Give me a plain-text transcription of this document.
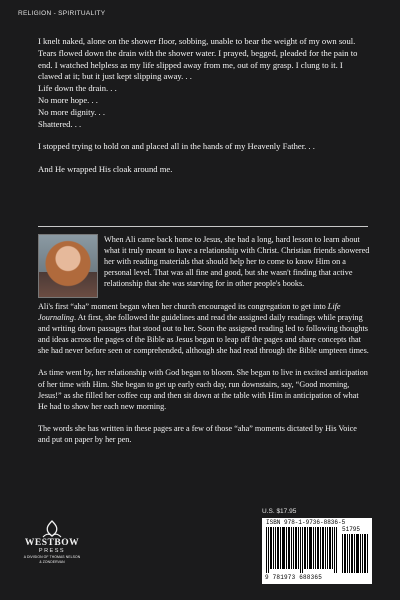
RELIGION - SPIRITUALITY

I knelt naked, alone on the shower floor, sobbing, unable to bear the weight of my own soul. Tears flowed down the drain with the shower water. I prayed, begged, pleaded for the pain to end. I watched helpless as my life slipped away from me, out of my grasp. I clung to it. I clawed at it; but it just kept slipping away. . .

Life down the drain. . .

No more hope. . .

No more dignity. . .

Shattered. . .

I stopped trying to hold on and placed all in the hands of my Heavenly Father. . .

And He wrapped His cloak around me.

When Ali came back home to Jesus, she had a long, hard lesson to learn about what it truly meant to have a relationship with Christ. Christian friends showered her with reading materials that should help her to come to know Him on a personal level. That was all fine and good, but she wasn't finding that active relationship that she was starving for in other people's books.

Ali's first “aha” moment began when her church encouraged its congregation to get into Life Journaling. At first, she followed the guidelines and read the assigned daily readings while praying and writing down passages that stood out to her. Soon the assigned reading led to following thoughts and ideas across the pages of the Bible as Jesus began to leap off the pages and share concepts that she had never before seen or comprehended, although she had read through the Bible umpteen times.

As time went by, her relationship with God began to bloom. She began to live in excited anticipation of her time with Him. She began to get up early each day, run downstairs, say, “Good morning, Jesus!” as she filled her coffee cup and then sit down at the table with Him in anticipation of what He had to show her each new morning.

The words she has written in these pages are a few of those “aha” moments dictated by His Voice and put on paper by her pen.

U.S. $17.95
ISBN 978-1-9736-8836-5
51795
9 781973 688365
WESTBOW
PRESS
A DIVISION OF THOMAS NELSON
& ZONDERVAN
